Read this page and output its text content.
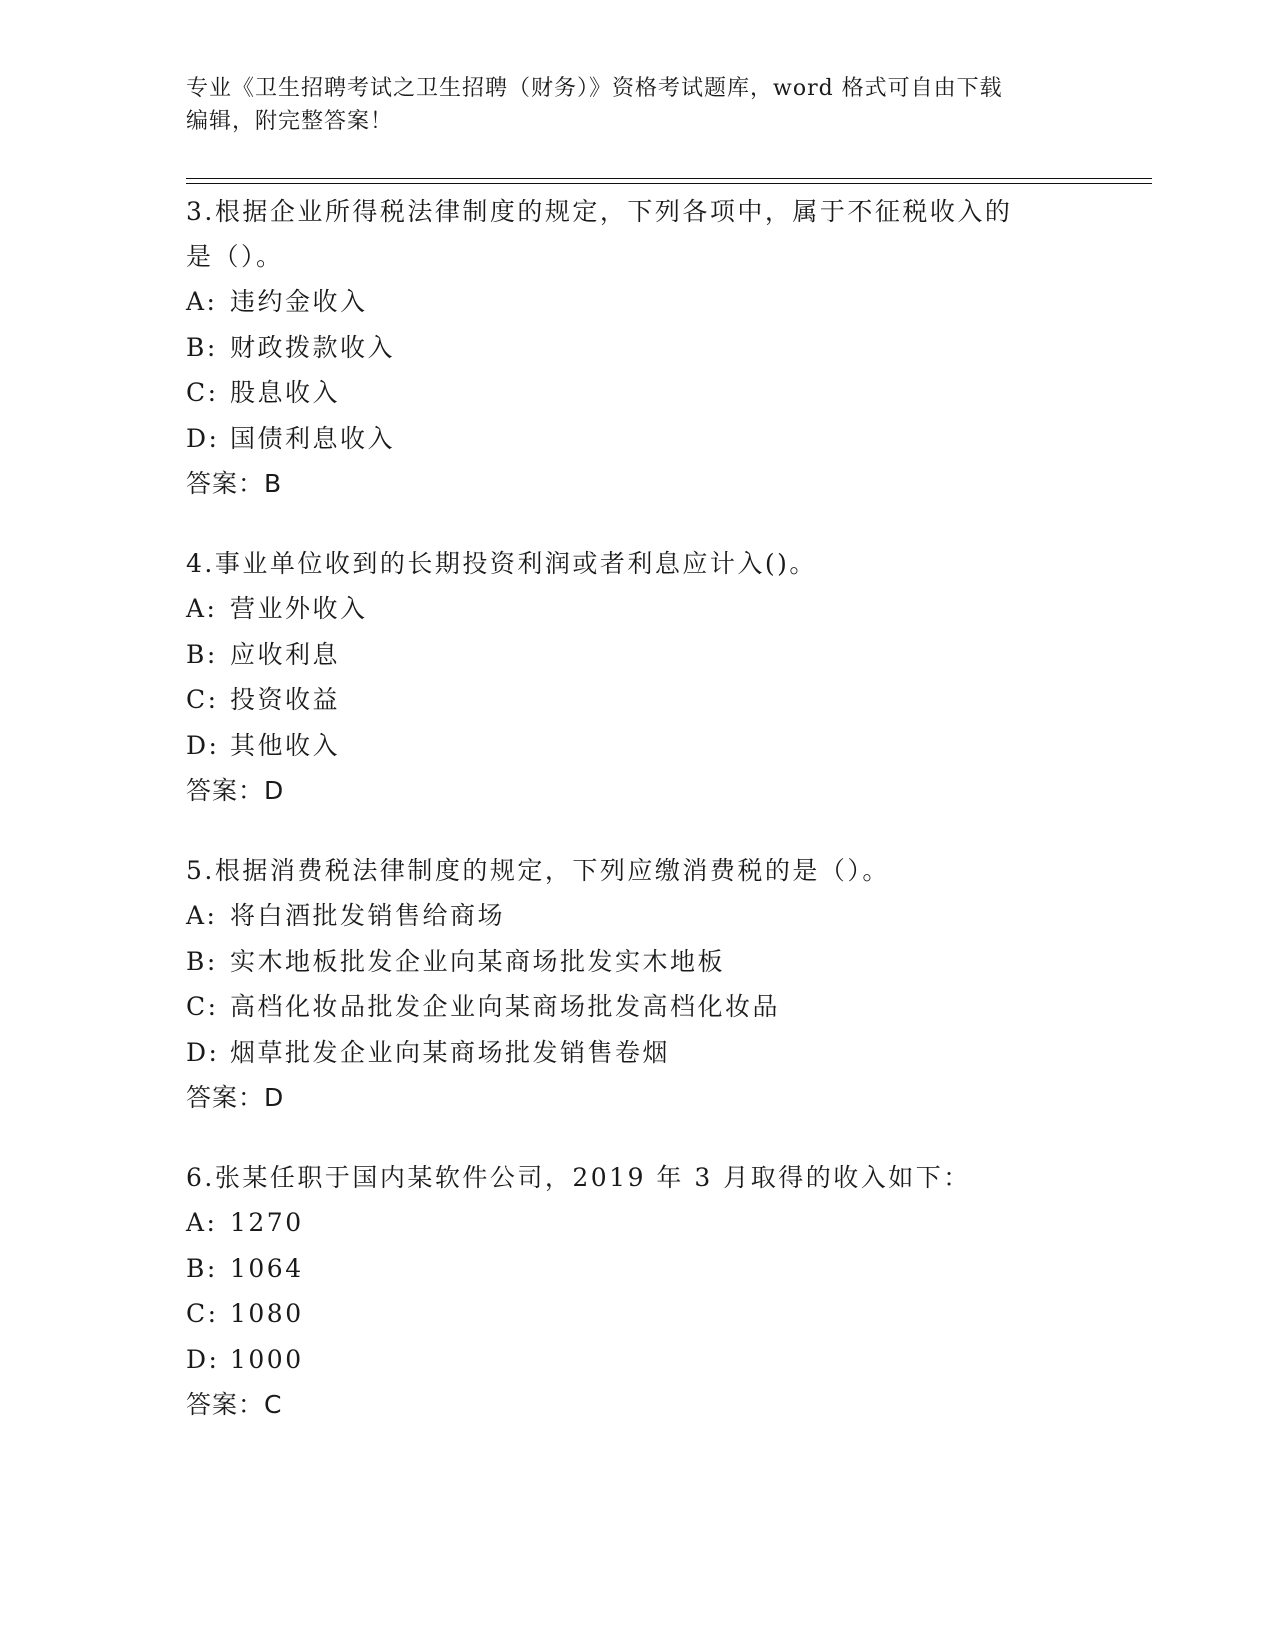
专业《卫生招聘考试之卫生招聘（财务）》资格考试题库，word 格式可自由下载
编辑，附完整答案！
3.根据企业所得税法律制度的规定，下列各项中，属于不征税收入的
是（）。
A: 违约金收入
B: 财政拨款收入
C: 股息收入
D: 国债利息收入
答案：B
4.事业单位收到的长期投资利润或者利息应计入()。
A: 营业外收入
B: 应收利息
C: 投资收益
D: 其他收入
答案：D
5.根据消费税法律制度的规定，下列应缴消费税的是（）。
A: 将白酒批发销售给商场
B: 实木地板批发企业向某商场批发实木地板
C: 高档化妆品批发企业向某商场批发高档化妆品
D: 烟草批发企业向某商场批发销售卷烟
答案：D
6.张某任职于国内某软件公司，2019 年 3 月取得的收入如下：
A: 1270
B: 1064
C: 1080
D: 1000
答案：C
